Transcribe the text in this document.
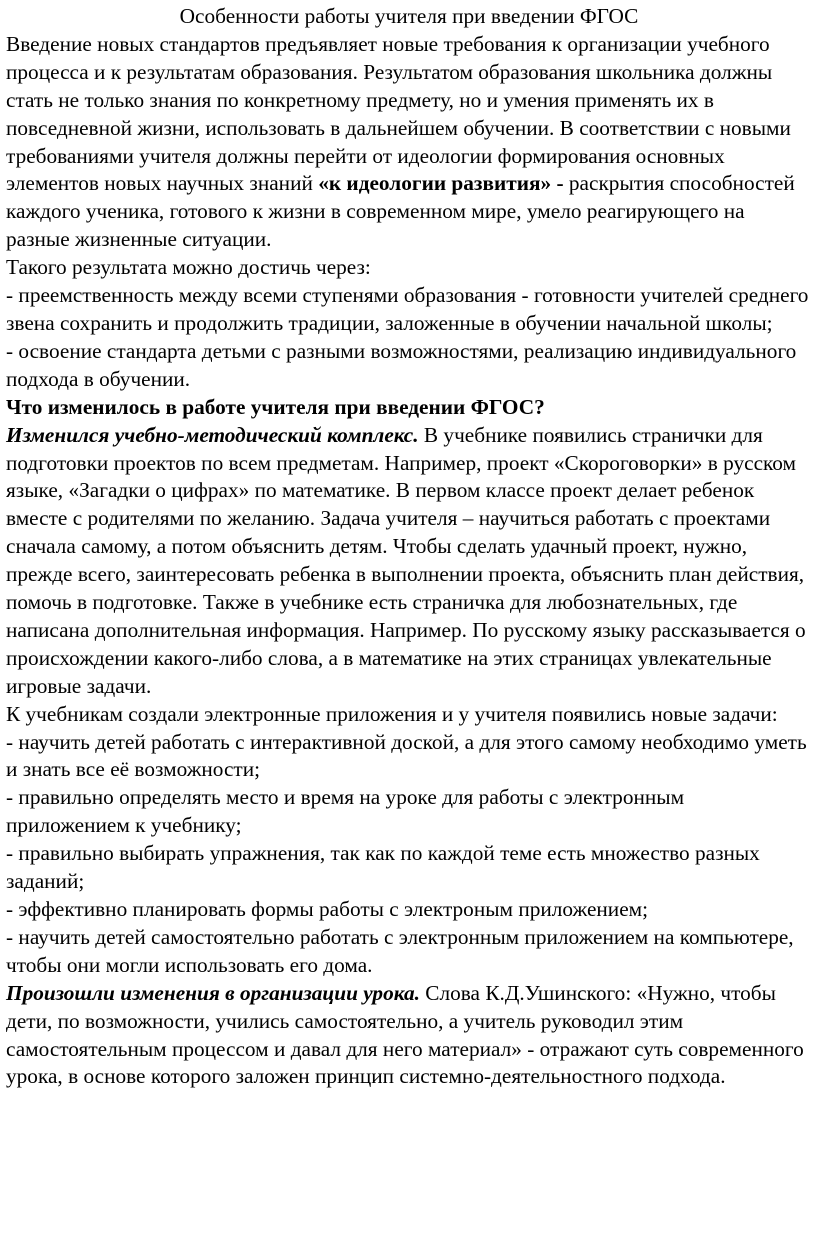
Особенности работы учителя при введении ФГОС

Введение новых стандартов предъявляет новые требования к организации учебного процесса и к результатам образования. Результатом образования школьника должны стать не только знания по конкретному предмету, но и умения применять их в повседневной жизни, использовать в дальнейшем обучении. В соответствии с новыми требованиями учителя должны перейти от идеологии формирования основных элементов новых научных знаний «к идеологии развития» - раскрытия способностей каждого ученика, готового к жизни в современном мире, умело реагирующего на разные жизненные ситуации.

Такого результата можно достичь через:

- преемственность между всеми ступенями образования - готовности учителей среднего звена сохранить и продолжить традиции, заложенные в обучении начальной школы;

- освоение стандарта детьми с разными возможностями, реализацию индивидуального подхода в обучении.

Что изменилось в работе учителя при введении ФГОС?

Изменился учебно-методический комплекс. В учебнике появились странички для подготовки проектов по всем предметам. Например, проект «Скороговорки» в русском языке, «Загадки о цифрах» по математике. В первом классе проект делает ребенок вместе с родителями по желанию. Задача учителя – научиться работать с проектами сначала самому, а потом объяснить детям. Чтобы сделать удачный проект, нужно, прежде всего, заинтересовать ребенка в выполнении проекта, объяснить план действия, помочь в подготовке. Также в учебнике есть страничка для любознательных, где написана дополнительная информация. Например. По русскому языку рассказывается о происхождении какого-либо слова, а в математике на этих страницах увлекательные игровые задачи.

К учебникам создали электронные приложения и у учителя появились новые задачи:

- научить детей работать с интерактивной доской, а для этого самому необходимо уметь и знать все её возможности;

- правильно определять место и время на уроке для работы с электронным приложением к учебнику;

- правильно выбирать упражнения, так как по каждой теме есть множество разных заданий;

- эффективно планировать формы работы с электроным приложением;

- научить детей самостоятельно работать с электронным приложением на компьютере, чтобы они могли использовать его дома.

Произошли изменения в организации урока. Слова К.Д.Ушинского: «Нужно, чтобы дети, по возможности, учились самостоятельно, а учитель руководил этим самостоятельным процессом и давал для него материал» - отражают суть современного урока, в основе которого заложен принцип системно-деятельностного подхода.
